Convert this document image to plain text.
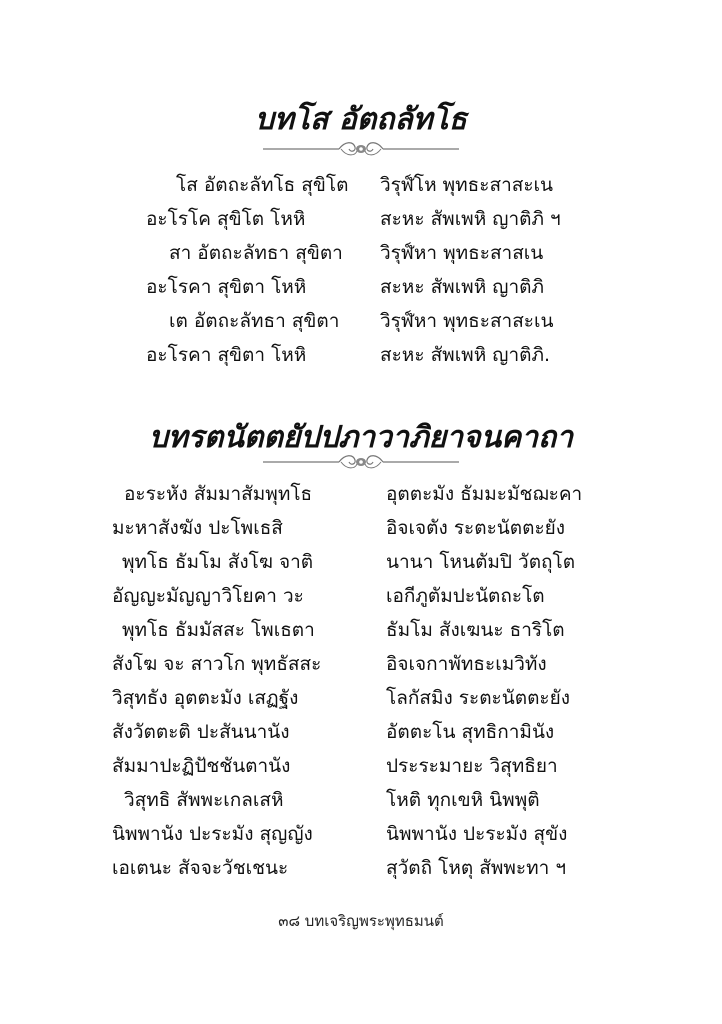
บทโส อัตถลัทโธ
โส อัตถะลัทโธ สุขิโต
อะโรโค สุขิโต โหหิ
สา อัตถะลัทธา สุขิตา
อะโรคา สุขิตา โหหิ
เต อัตถะลัทธา สุขิตา
อะโรคา สุขิตา โหหิ
วิรุฬ์โห พุทธะสาสะเน
สะหะ สัพเพหิ ญาติภิ ฯ
วิรุฬ์หา พุทธะสาสเน
สะหะ สัพเพหิ ญาติภิ
วิรุฬ์หา พุทธะสาสะเน
สะหะ สัพเพหิ ญาติภิ.
บทรตนัตตยัปปภาวาภิยาจนคาถา
อะระหัง สัมมาสัมพุทโธ
มะหาสังฆัง ปะโพเธสิ
พุทโธ ธัมโม สังโฆ จาติ
อัญญะมัญญาวิโยคา วะ
พุทโธ ธัมมัสสะ โพเธตา
สังโฆ จะ สาวโก พุทธัสสะ
วิสุทธัง อุตตะมัง เสฏฐัง
สังวัตตะติ ปะสันนานัง
สัมมาปะฏิปัชชันตานัง
วิสุทธิ สัพพะเกลเสหิ
นิพพานัง ปะระมัง สุญญัง
เอเตนะ สัจจะวัชเชนะ
อุตตะมัง ธัมมะมัชฌะคา
อิจเจตัง ระตะนัตตะยัง
นานา โหนตัมปิ วัตถุโต
เอกีภูตัมปะนัตถะโต
ธัมโม สังเฆนะ ธาริโต
อิจเจกาพัทธะเมวิทัง
โลกัสมิง ระตะนัตตะยัง
อัตตะโน สุทธิกามินัง
ประระมายะ วิสุทธิยา
โหติ ทุกเขหิ นิพพุติ
นิพพานัง ปะระมัง สุขัง
สุวัตถิ โหตุ สัพพะทา ฯ
๓๘ บทเจริญพระพุทธมนต์
